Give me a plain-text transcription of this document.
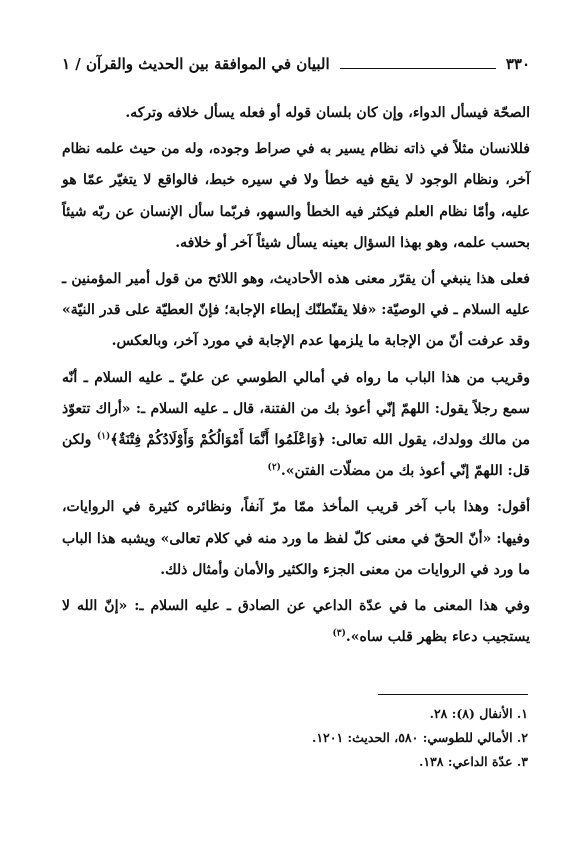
٣٣٠
البيان في الموافقة بين الحديث والقرآن / ١

الصحّة فيسأل الدواء، وإن كان بلسان قوله أو فعله يسأل خلافه وتركه.

فللانسان مثلاً في ذاته نظام يسير به في صراط وجوده، وله من حيث علمه نظام آخر، ونظام الوجود لا يقع فيه خطأ ولا في سيره خبط، فالواقع لا يتغيّر عمّا هو عليه، وأمّا نظام العلم فيكثر فيه الخطأ والسهو، فربّما سأل الإنسان عن ربّه شيئاً بحسب علمه، وهو بهذا السؤال بعينه يسأل شيئاً آخر أو خلافه.

فعلى هذا ينبغي أن يقرّر معنى هذه الأحاديث، وهو اللائح من قول أمير المؤمنين ـ عليه السلام ـ في الوصيّة: «فلا يقنّطنّك إبطاء الإجابة؛ فإنّ العطيّة على قدر النيّة» وقد عرفت أنّ من الإجابة ما يلزمها عدم الإجابة في مورد آخر، وبالعكس.

وقريب من هذا الباب ما رواه في أمالي الطوسي عن عليّ ـ عليه السلام ـ أنّه سمع رجلاً يقول: اللهمّ إنّي أعوذ بك من الفتنة، قال ـ عليه السلام ـ: «أراك تتعوّذ من مالك وولدك، يقول الله تعالى: ﴿وَاعْلَمُوا أَنَّمَا أَمْوَالُكُمْ وَأَوْلَادُكُمْ فِتْنَةٌ﴾$^{(١)}$ ولكن قل: اللهمّ إنّي أعوذ بك من مضلّات الفتن».$^{(٢)}$

أقول: وهذا باب آخر قريب المأخذ ممّا مرّ آنفاً، ونظائره كثيرة في الروايات، وفيها: «أنّ الحقّ في معنى كلّ لفظ ما ورد منه في كلام تعالى» ويشبه هذا الباب ما ورد في الروايات من معنى الجزء والكثير والأمان وأمثال ذلك.

وفي هذا المعنى ما في عدّة الداعي عن الصادق ـ عليه السلام ـ: «إنّ الله لا يستجيب دعاء بظهر قلب ساه».$^{(٣)}$

١. الأنفال (٨): ٢٨.
٢. الأمالي للطوسي: ٥٨٠، الحديث: ١٢٠١.
٣. عدّة الداعي: ١٣٨.
